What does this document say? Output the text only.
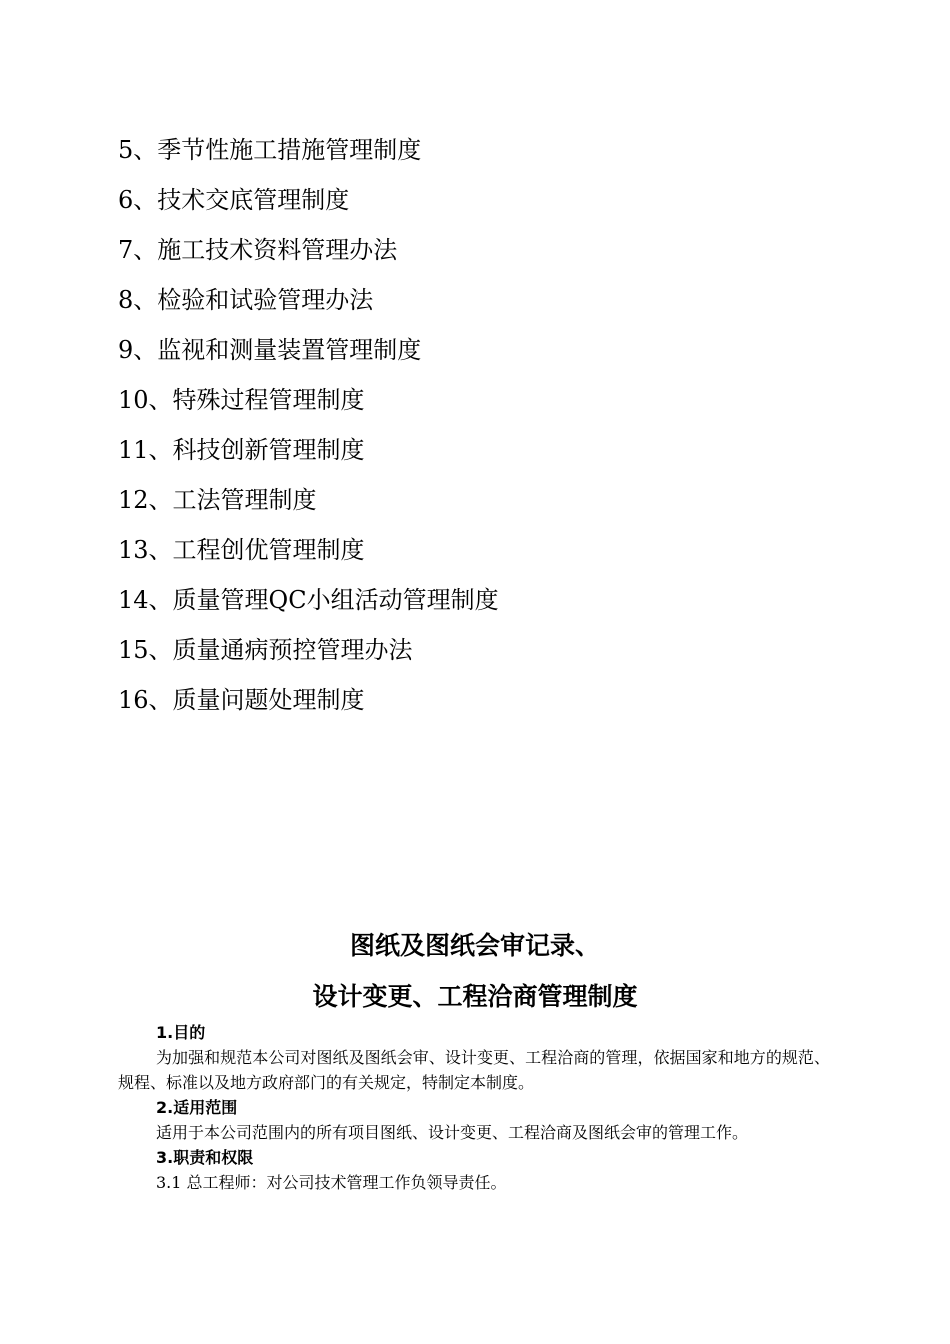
5、季节性施工措施管理制度
6、技术交底管理制度
7、施工技术资料管理办法
8、检验和试验管理办法
9、监视和测量装置管理制度
10、特殊过程管理制度
11、科技创新管理制度
12、工法管理制度
13、工程创优管理制度
14、质量管理QC小组活动管理制度
15、质量通病预控管理办法
16、质量问题处理制度
图纸及图纸会审记录、
设计变更、工程洽商管理制度
1.目的
为加强和规范本公司对图纸及图纸会审、设计变更、工程洽商的管理，依据国家和地方的规范、规程、标准以及地方政府部门的有关规定，特制定本制度。
2.适用范围
适用于本公司范围内的所有项目图纸、设计变更、工程洽商及图纸会审的管理工作。
3.职责和权限
3.1 总工程师：对公司技术管理工作负领导责任。
